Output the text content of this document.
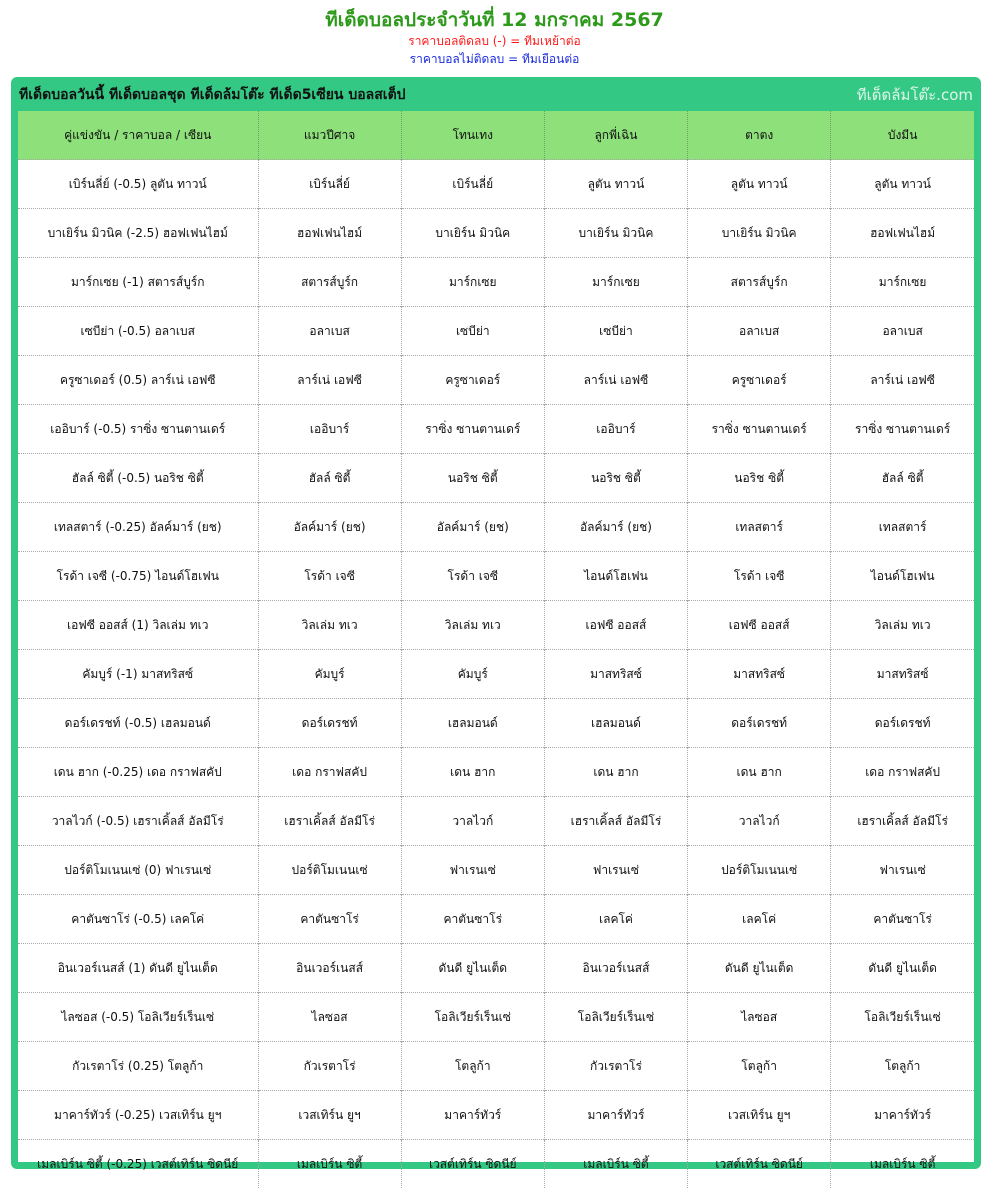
ทีเด็ดบอลประจำวันที่ 12 มกราคม 2567
ราคาบอลติดลบ (-) = ทีมเหย้าต่อ
ราคาบอลไม่ติดลบ = ทีมเยือนต่อ
ทีเด็ดบอลวันนี้ ทีเด็ดบอลชุด ทีเด็ดล้มโต๊ะ ทีเด็ด5เซียน บอลสเต็ป	ทีเด็ดล้มโต๊ะ.com
คู่แข่งขัน / ราคาบอล / เซียน	แมวปีศาจ	โทนเทง	ลูกพี่เฉิน	ตาตง	บังมีน
เบิร์นลี่ย์ (-0.5) ลูตัน ทาวน์	เบิร์นลี่ย์	เบิร์นลี่ย์	ลูตัน ทาวน์	ลูตัน ทาวน์	ลูตัน ทาวน์
บาเยิร์น มิวนิค (-2.5) ฮอฟเฟนไฮม์	ฮอฟเฟนไฮม์	บาเยิร์น มิวนิค	บาเยิร์น มิวนิค	บาเยิร์น มิวนิค	ฮอฟเฟนไฮม์
มาร์กเซย (-1) สตารส์บูร์ก	สตารส์บูร์ก	มาร์กเซย	มาร์กเซย	สตารส์บูร์ก	มาร์กเซย
เซบีย่า (-0.5) อลาเบส	อลาเบส	เซบีย่า	เซบีย่า	อลาเบส	อลาเบส
ครูซาเดอร์ (0.5) ลาร์เน่ เอฟซี	ลาร์เน่ เอฟซี	ครูซาเดอร์	ลาร์เน่ เอฟซี	ครูซาเดอร์	ลาร์เน่ เอฟซี
เออิบาร์ (-0.5) ราซิ่ง ซานตานเดร์	เออิบาร์	ราซิ่ง ซานตานเดร์	เออิบาร์	ราซิ่ง ซานตานเดร์	ราซิ่ง ซานตานเดร์
ฮัลล์ ซิตี้ (-0.5) นอริช ซิตี้	ฮัลล์ ซิตี้	นอริช ซิตี้	นอริช ซิตี้	นอริช ซิตี้	ฮัลล์ ซิตี้
เทลสตาร์ (-0.25) อัลค์มาร์ (ยช)	อัลค์มาร์ (ยช)	อัลค์มาร์ (ยช)	อัลค์มาร์ (ยช)	เทลสตาร์	เทลสตาร์
โรด้า เจซี (-0.75) ไอนด์โฮเฟน	โรด้า เจซี	โรด้า เจซี	ไอนด์โฮเฟน	โรด้า เจซี	ไอนด์โฮเฟน
เอฟซี ออสส์ (1) วิลเล่ม ทเว	วิลเล่ม ทเว	วิลเล่ม ทเว	เอฟซี ออสส์	เอฟซี ออสส์	วิลเล่ม ทเว
คัมบูร์ (-1) มาสทริสซ์	คัมบูร์	คัมบูร์	มาสทริสซ์	มาสทริสซ์	มาสทริสซ์
ดอร์เดรชท์ (-0.5) เฮลมอนด์	ดอร์เดรชท์	เฮลมอนด์	เฮลมอนด์	ดอร์เดรชท์	ดอร์เดรชท์
เดน ฮาก (-0.25) เดอ กราฟสคัป	เดอ กราฟสคัป	เดน ฮาก	เดน ฮาก	เดน ฮาก	เดอ กราฟสคัป
วาลไวก์ (-0.5) เฮราเคิ้ลส์ อัลมีโร่	เฮราเคิ้ลส์ อัลมีโร่	วาลไวก์	เฮราเคิ้ลส์ อัลมีโร่	วาลไวก์	เฮราเคิ้ลส์ อัลมีโร่
ปอร์ติโมเนนเซ่ (0) ฟาเรนเซ่	ปอร์ติโมเนนเซ่	ฟาเรนเซ่	ฟาเรนเซ่	ปอร์ติโมเนนเซ่	ฟาเรนเซ่
คาตันซาโร่ (-0.5) เลคโค่	คาตันซาโร่	คาตันซาโร่	เลคโค่	เลคโค่	คาตันซาโร่
อินเวอร์เนสส์ (1) ดันดี ยูไนเต็ด	อินเวอร์เนสส์	ดันดี ยูไนเต็ด	อินเวอร์เนสส์	ดันดี ยูไนเต็ด	ดันดี ยูไนเต็ด
ไลซอส (-0.5) โอลิเวียร์เร็นเซ่	ไลซอส	โอลิเวียร์เร็นเซ่	โอลิเวียร์เร็นเซ่	ไลซอส	โอลิเวียร์เร็นเซ่
กัวเรตาโร่ (0.25) โตลูก้า	กัวเรตาโร่	โตลูก้า	กัวเรตาโร่	โตลูก้า	โตลูก้า
มาคาร์ทัวร์ (-0.25) เวสเทิร์น ยูฯ	เวสเทิร์น ยูฯ	มาคาร์ทัวร์	มาคาร์ทัวร์	เวสเทิร์น ยูฯ	มาคาร์ทัวร์
เมลเบิร์น ซิตี้ (-0.25) เวสต์เทิร์น ซิดนีย์	เมลเบิร์น ซิตี้	เวสต์เทิร์น ซิดนีย์	เมลเบิร์น ซิตี้	เวสต์เทิร์น ซิดนีย์	เมลเบิร์น ซิตี้
